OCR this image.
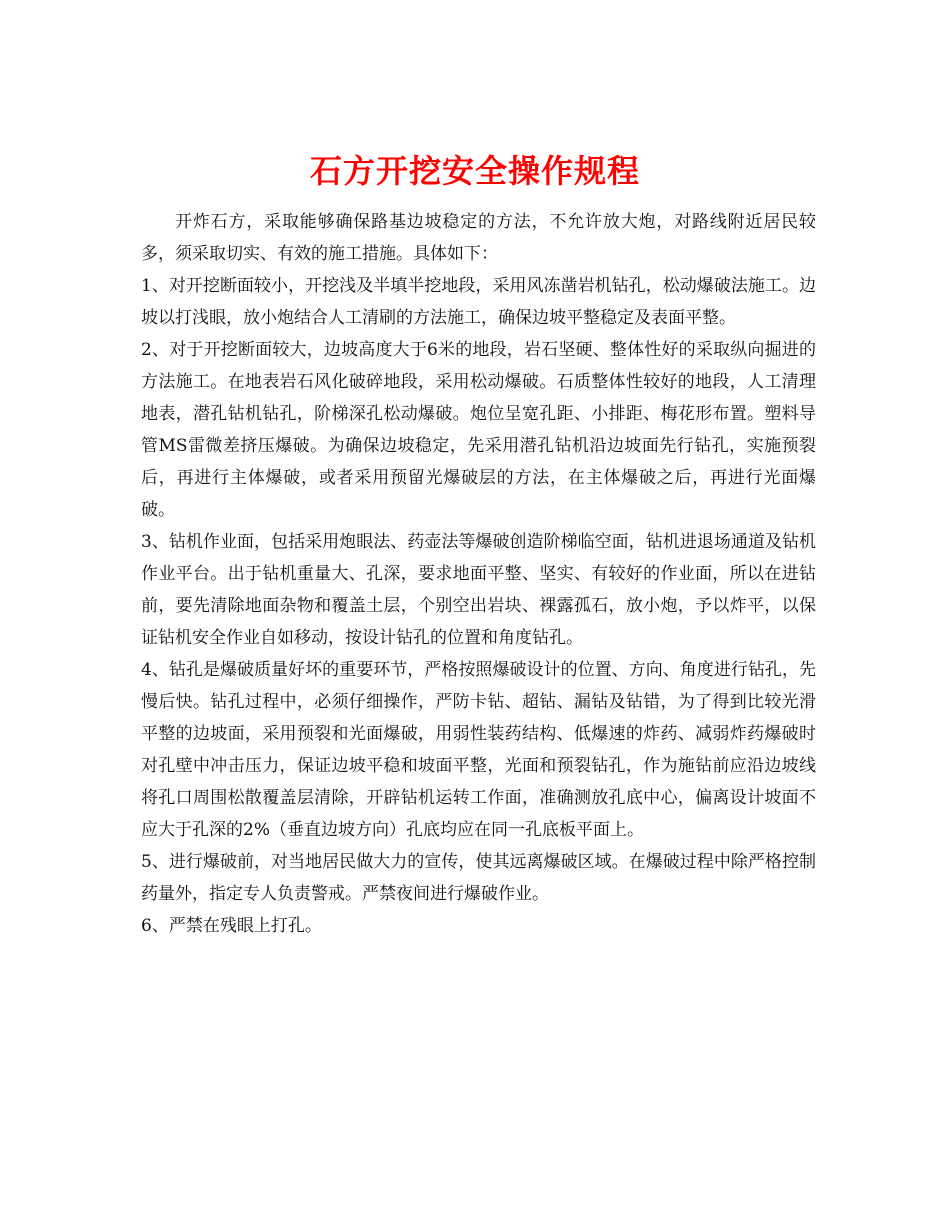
石方开挖安全操作规程

开炸石方，采取能够确保路基边坡稳定的方法，不允许放大炮，对路线附近居民较多，须采取切实、有效的施工措施。具体如下：

1、对开挖断面较小，开挖浅及半填半挖地段，采用风冻凿岩机钻孔，松动爆破法施工。边坡以打浅眼，放小炮结合人工清刷的方法施工，确保边坡平整稳定及表面平整。

2、对于开挖断面较大，边坡高度大于6米的地段，岩石坚硬、整体性好的采取纵向掘进的方法施工。在地表岩石风化破碎地段，采用松动爆破。石质整体性较好的地段，人工清理地表，潜孔钻机钻孔，阶梯深孔松动爆破。炮位呈宽孔距、小排距、梅花形布置。塑料导管MS雷微差挤压爆破。为确保边坡稳定，先采用潜孔钻机沿边坡面先行钻孔，实施预裂后，再进行主体爆破，或者采用预留光爆破层的方法，在主体爆破之后，再进行光面爆破。

3、钻机作业面，包括采用炮眼法、药壶法等爆破创造阶梯临空面，钻机进退场通道及钻机作业平台。出于钻机重量大、孔深，要求地面平整、坚实、有较好的作业面，所以在进钻前，要先清除地面杂物和覆盖土层，个别空出岩块、裸露孤石，放小炮，予以炸平，以保证钻机安全作业自如移动，按设计钻孔的位置和角度钻孔。

4、钻孔是爆破质量好坏的重要环节，严格按照爆破设计的位置、方向、角度进行钻孔，先慢后快。钻孔过程中，必须仔细操作，严防卡钻、超钻、漏钻及钻错，为了得到比较光滑平整的边坡面，采用预裂和光面爆破，用弱性装药结构、低爆速的炸药、减弱炸药爆破时对孔壁中冲击压力，保证边坡平稳和坡面平整，光面和预裂钻孔，作为施钻前应沿边坡线将孔口周围松散覆盖层清除，开辟钻机运转工作面，准确测放孔底中心，偏离设计坡面不应大于孔深的2%（垂直边坡方向）孔底均应在同一孔底板平面上。

5、进行爆破前，对当地居民做大力的宣传，使其远离爆破区域。在爆破过程中除严格控制药量外，指定专人负责警戒。严禁夜间进行爆破作业。

6、严禁在残眼上打孔。
